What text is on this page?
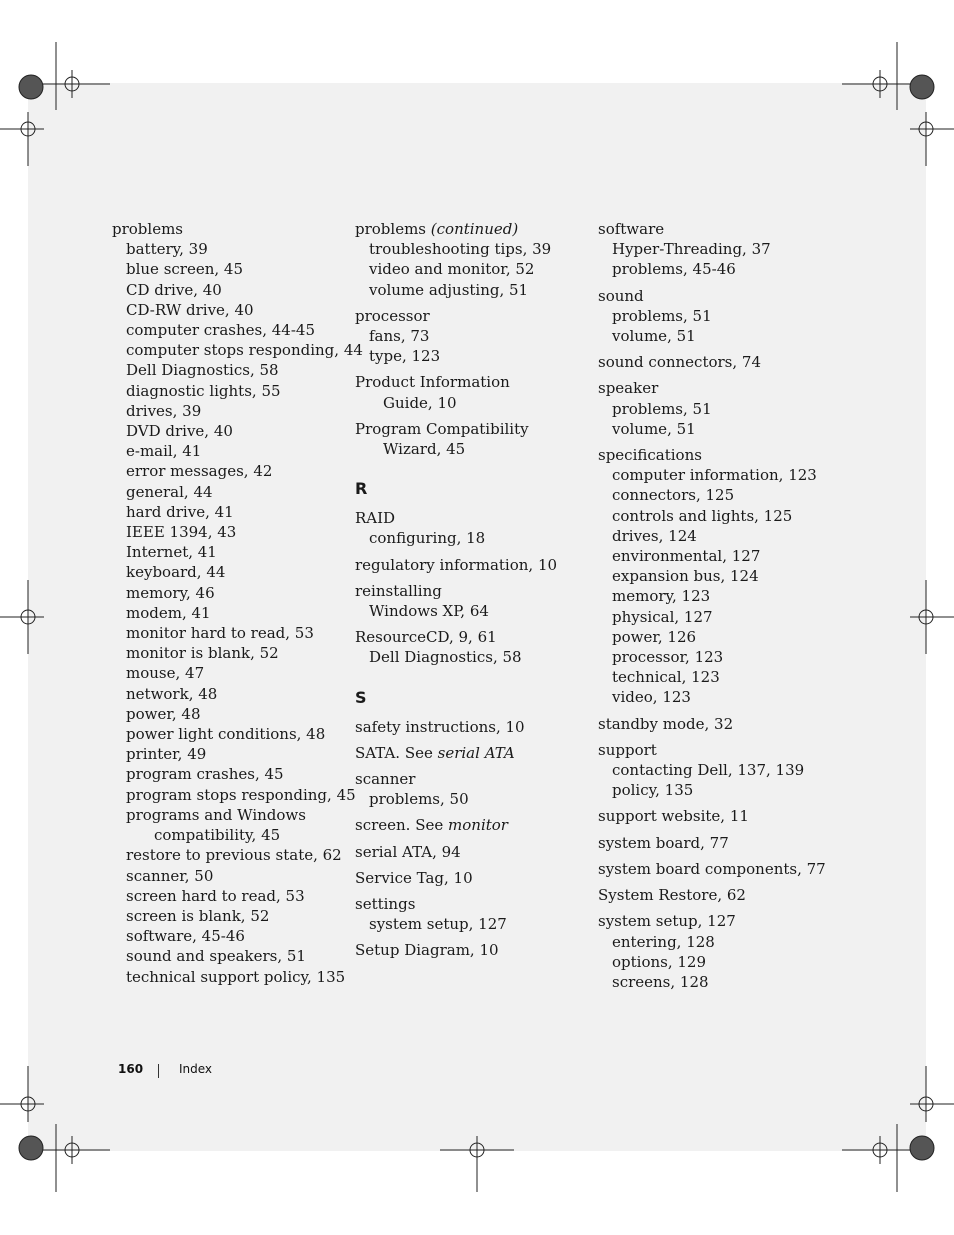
problems
battery, 39
blue screen, 45
CD drive, 40
CD-RW drive, 40
computer crashes, 44-45
computer stops responding, 44
Dell Diagnostics, 58
diagnostic lights, 55
drives, 39
DVD drive, 40
e-mail, 41
error messages, 42
general, 44
hard drive, 41
IEEE 1394, 43
Internet, 41
keyboard, 44
memory, 46
modem, 41
monitor hard to read, 53
monitor is blank, 52
mouse, 47
network, 48
power, 48
power light conditions, 48
printer, 49
program crashes, 45
program stops responding, 45
programs and Windows
compatibility, 45
restore to previous state, 62
scanner, 50
screen hard to read, 53
screen is blank, 52
software, 45-46
sound and speakers, 51
technical support policy, 135
problems (continued)
troubleshooting tips, 39
video and monitor, 52
volume adjusting, 51
processor
fans, 73
type, 123
Product Information
Guide, 10
Program Compatibility
Wizard, 45
R
RAID
configuring, 18
regulatory information, 10
reinstalling
Windows XP, 64
ResourceCD, 9, 61
Dell Diagnostics, 58
S
safety instructions, 10
SATA. See serial ATA
scanner
problems, 50
screen. See monitor
serial ATA, 94
Service Tag, 10
settings
system setup, 127
Setup Diagram, 10
software
Hyper-Threading, 37
problems, 45-46
sound
problems, 51
volume, 51
sound connectors, 74
speaker
problems, 51
volume, 51
specifications
computer information, 123
connectors, 125
controls and lights, 125
drives, 124
environmental, 127
expansion bus, 124
memory, 123
physical, 127
power, 126
processor, 123
technical, 123
video, 123
standby mode, 32
support
contacting Dell, 137, 139
policy, 135
support website, 11
system board, 77
system board components, 77
System Restore, 62
system setup, 127
entering, 128
options, 129
screens, 128
160	Index
